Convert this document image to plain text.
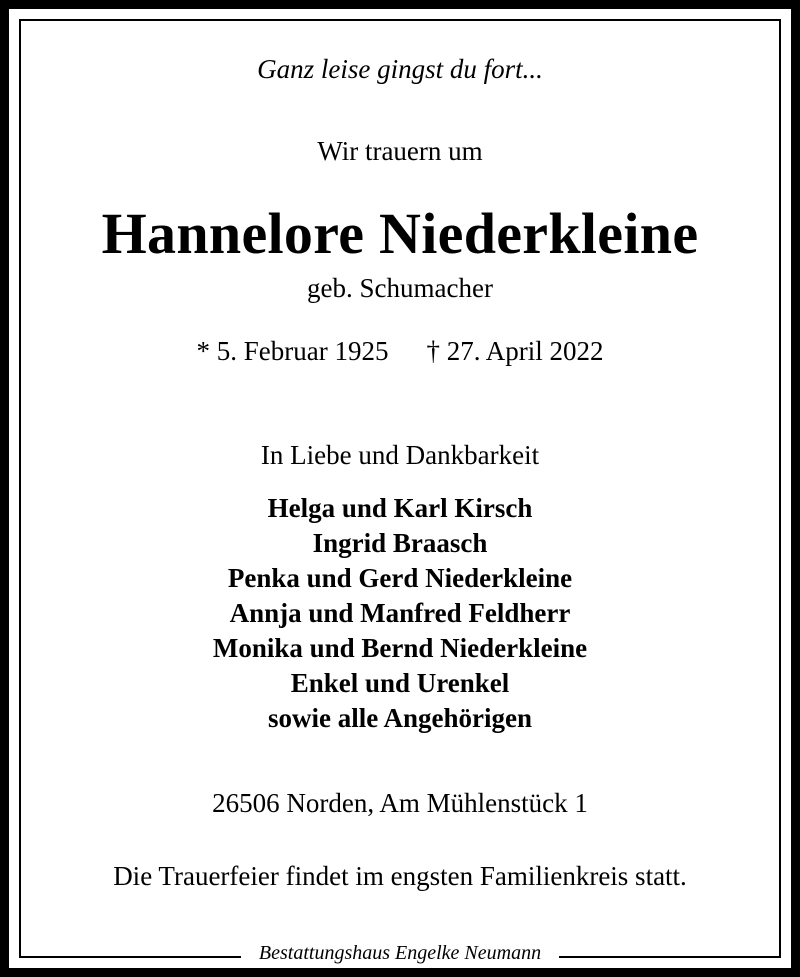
Ganz leise gingst du fort...
Wir trauern um
Hannelore Niederkleine
geb. Schumacher
* 5. Februar 1925 † 27. April 2022
In Liebe und Dankbarkeit
Helga und Karl Kirsch
Ingrid Braasch
Penka und Gerd Niederkleine
Annja und Manfred Feldherr
Monika und Bernd Niederkleine
Enkel und Urenkel
sowie alle Angehörigen
26506 Norden, Am Mühlenstück 1
Die Trauerfeier findet im engsten Familienkreis statt.
Bestattungshaus Engelke Neumann
